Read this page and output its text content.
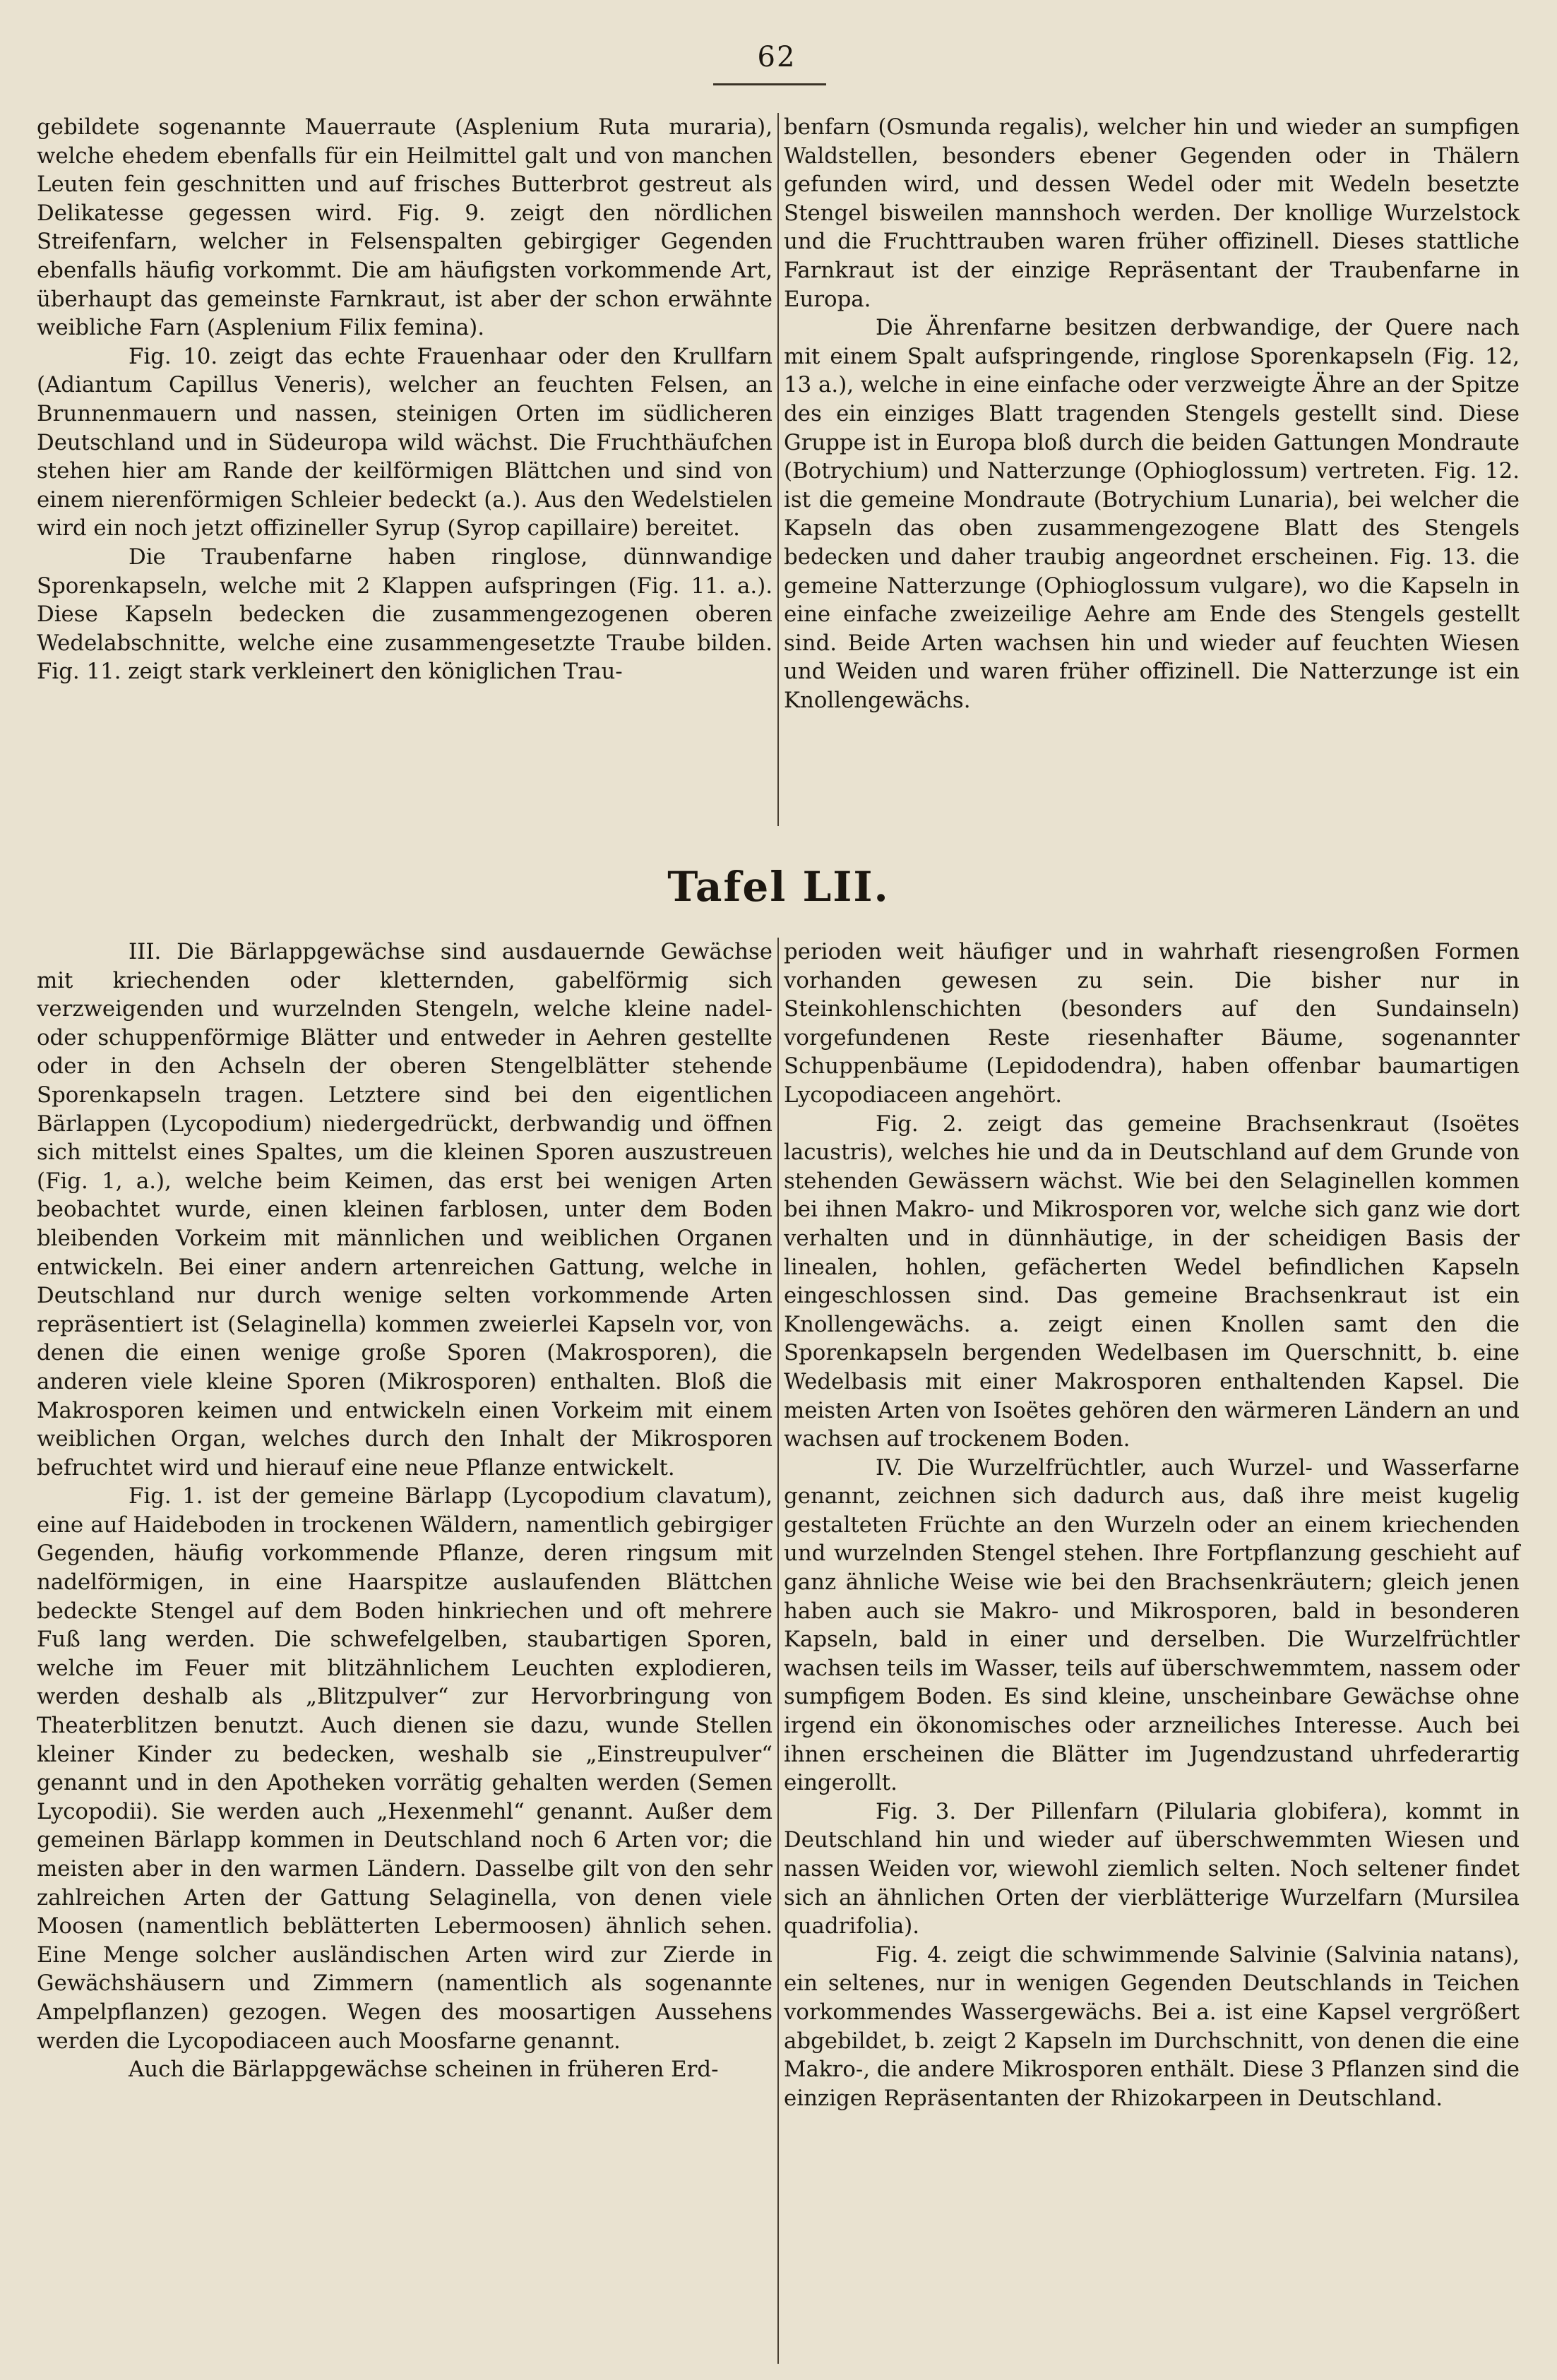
62

gebildete sogenannte Mauerraute (Asplenium Ruta muraria), welche ehedem ebenfalls für ein Heilmittel galt und von manchen Leuten fein geschnitten und auf frisches Butterbrot gestreut als Delikatesse gegessen wird. Fig. 9. zeigt den nördlichen Streifenfarn, welcher in Felsenspalten gebirgiger Gegenden ebenfalls häufig vorkommt. Die am häufigsten vorkommende Art, überhaupt das gemeinste Farnkraut, ist aber der schon erwähnte weibliche Farn (Asplenium Filix femina).

Fig. 10. zeigt das echte Frauenhaar oder den Krullfarn (Adiantum Capillus Veneris), welcher an feuchten Felsen, an Brunnenmauern und nassen, steinigen Orten im südlicheren Deutschland und in Südeuropa wild wächst. Die Fruchthäufchen stehen hier am Rande der keilförmigen Blättchen und sind von einem nierenförmigen Schleier bedeckt (a.). Aus den Wedelstielen wird ein noch jetzt offizineller Syrup (Syrop capillaire) bereitet.

Die Traubenfarne haben ringlose, dünnwandige Sporenkapseln, welche mit 2 Klappen aufspringen (Fig. 11. a.). Diese Kapseln bedecken die zusammengezogenen oberen Wedelabschnitte, welche eine zusammengesetzte Traube bilden. Fig. 11. zeigt stark verkleinert den königlichen Trau-

benfarn (Osmunda regalis), welcher hin und wieder an sumpfigen Waldstellen, besonders ebener Gegenden oder in Thälern gefunden wird, und dessen Wedel oder mit Wedeln besetzte Stengel bisweilen mannshoch werden. Der knollige Wurzelstock und die Fruchttrauben waren früher offizinell. Dieses stattliche Farnkraut ist der einzige Repräsentant der Traubenfarne in Europa.

Die Ährenfarne besitzen derbwandige, der Quere nach mit einem Spalt aufspringende, ringlose Sporenkapseln (Fig. 12, 13 a.), welche in eine einfache oder verzweigte Ähre an der Spitze des ein einziges Blatt tragenden Stengels gestellt sind. Diese Gruppe ist in Europa bloß durch die beiden Gattungen Mondraute (Botrychium) und Natterzunge (Ophioglossum) vertreten. Fig. 12. ist die gemeine Mondraute (Botrychium Lunaria), bei welcher die Kapseln das oben zusammengezogene Blatt des Stengels bedecken und daher traubig angeordnet erscheinen. Fig. 13. die gemeine Natterzunge (Ophioglossum vulgare), wo die Kapseln in eine einfache zweizeilige Aehre am Ende des Stengels gestellt sind. Beide Arten wachsen hin und wieder auf feuchten Wiesen und Weiden und waren früher offizinell. Die Natterzunge ist ein Knollengewächs.

Tafel LII.

III. Die Bärlappgewächse sind ausdauernde Gewächse mit kriechenden oder kletternden, gabelförmig sich verzweigenden und wurzelnden Stengeln, welche kleine nadel- oder schuppenförmige Blätter und entweder in Aehren gestellte oder in den Achseln der oberen Stengelblätter stehende Sporenkapseln tragen. Letztere sind bei den eigentlichen Bärlappen (Lycopodium) niedergedrückt, derbwandig und öffnen sich mittelst eines Spaltes, um die kleinen Sporen auszustreuen (Fig. 1, a.), welche beim Keimen, das erst bei wenigen Arten beobachtet wurde, einen kleinen farblosen, unter dem Boden bleibenden Vorkeim mit männlichen und weiblichen Organen entwickeln. Bei einer andern artenreichen Gattung, welche in Deutschland nur durch wenige selten vorkommende Arten repräsentiert ist (Selaginella) kommen zweierlei Kapseln vor, von denen die einen wenige große Sporen (Makrosporen), die anderen viele kleine Sporen (Mikrosporen) enthalten. Bloß die Makrosporen keimen und entwickeln einen Vorkeim mit einem weiblichen Organ, welches durch den Inhalt der Mikrosporen befruchtet wird und hierauf eine neue Pflanze entwickelt.

Fig. 1. ist der gemeine Bärlapp (Lycopodium clavatum), eine auf Haideboden in trockenen Wäldern, namentlich gebirgiger Gegenden, häufig vorkommende Pflanze, deren ringsum mit nadelförmigen, in eine Haarspitze auslaufenden Blättchen bedeckte Stengel auf dem Boden hinkriechen und oft mehrere Fuß lang werden. Die schwefelgelben, staubartigen Sporen, welche im Feuer mit blitzähnlichem Leuchten explodieren, werden deshalb als „Blitzpulver“ zur Hervorbringung von Theaterblitzen benutzt. Auch dienen sie dazu, wunde Stellen kleiner Kinder zu bedecken, weshalb sie „Einstreupulver“ genannt und in den Apotheken vorrätig gehalten werden (Semen Lycopodii). Sie werden auch „Hexenmehl“ genannt. Außer dem gemeinen Bärlapp kommen in Deutschland noch 6 Arten vor; die meisten aber in den warmen Ländern. Dasselbe gilt von den sehr zahlreichen Arten der Gattung Selaginella, von denen viele Moosen (namentlich beblätterten Lebermoosen) ähnlich sehen. Eine Menge solcher ausländischen Arten wird zur Zierde in Gewächshäusern und Zimmern (namentlich als sogenannte Ampelpflanzen) gezogen. Wegen des moosartigen Aussehens werden die Lycopodiaceen auch Moosfarne genannt.

Auch die Bärlappgewächse scheinen in früheren Erd-

perioden weit häufiger und in wahrhaft riesengroßen Formen vorhanden gewesen zu sein. Die bisher nur in Steinkohlenschichten (besonders auf den Sundainseln) vorgefundenen Reste riesenhafter Bäume, sogenannter Schuppenbäume (Lepidodendra), haben offenbar baumartigen Lycopodiaceen angehört.

Fig. 2. zeigt das gemeine Brachsenkraut (Isoëtes lacustris), welches hie und da in Deutschland auf dem Grunde von stehenden Gewässern wächst. Wie bei den Selaginellen kommen bei ihnen Makro- und Mikrosporen vor, welche sich ganz wie dort verhalten und in dünnhäutige, in der scheidigen Basis der linealen, hohlen, gefächerten Wedel befindlichen Kapseln eingeschlossen sind. Das gemeine Brachsenkraut ist ein Knollengewächs. a. zeigt einen Knollen samt den die Sporenkapseln bergenden Wedelbasen im Querschnitt, b. eine Wedelbasis mit einer Makrosporen enthaltenden Kapsel. Die meisten Arten von Isoëtes gehören den wärmeren Ländern an und wachsen auf trockenem Boden.

IV. Die Wurzelfrüchtler, auch Wurzel- und Wasserfarne genannt, zeichnen sich dadurch aus, daß ihre meist kugelig gestalteten Früchte an den Wurzeln oder an einem kriechenden und wurzelnden Stengel stehen. Ihre Fortpflanzung geschieht auf ganz ähnliche Weise wie bei den Brachsenkräutern; gleich jenen haben auch sie Makro- und Mikrosporen, bald in besonderen Kapseln, bald in einer und derselben. Die Wurzelfrüchtler wachsen teils im Wasser, teils auf überschwemmtem, nassem oder sumpfigem Boden. Es sind kleine, unscheinbare Gewächse ohne irgend ein ökonomisches oder arzneiliches Interesse. Auch bei ihnen erscheinen die Blätter im Jugendzustand uhrfederartig eingerollt.

Fig. 3. Der Pillenfarn (Pilularia globifera), kommt in Deutschland hin und wieder auf überschwemmten Wiesen und nassen Weiden vor, wiewohl ziemlich selten. Noch seltener findet sich an ähnlichen Orten der vierblätterige Wurzelfarn (Mursilea quadrifolia).

Fig. 4. zeigt die schwimmende Salvinie (Salvinia natans), ein seltenes, nur in wenigen Gegenden Deutschlands in Teichen vorkommendes Wassergewächs. Bei a. ist eine Kapsel vergrößert abgebildet, b. zeigt 2 Kapseln im Durchschnitt, von denen die eine Makro-, die andere Mikrosporen enthält. Diese 3 Pflanzen sind die einzigen Repräsentanten der Rhizokarpeen in Deutschland.
